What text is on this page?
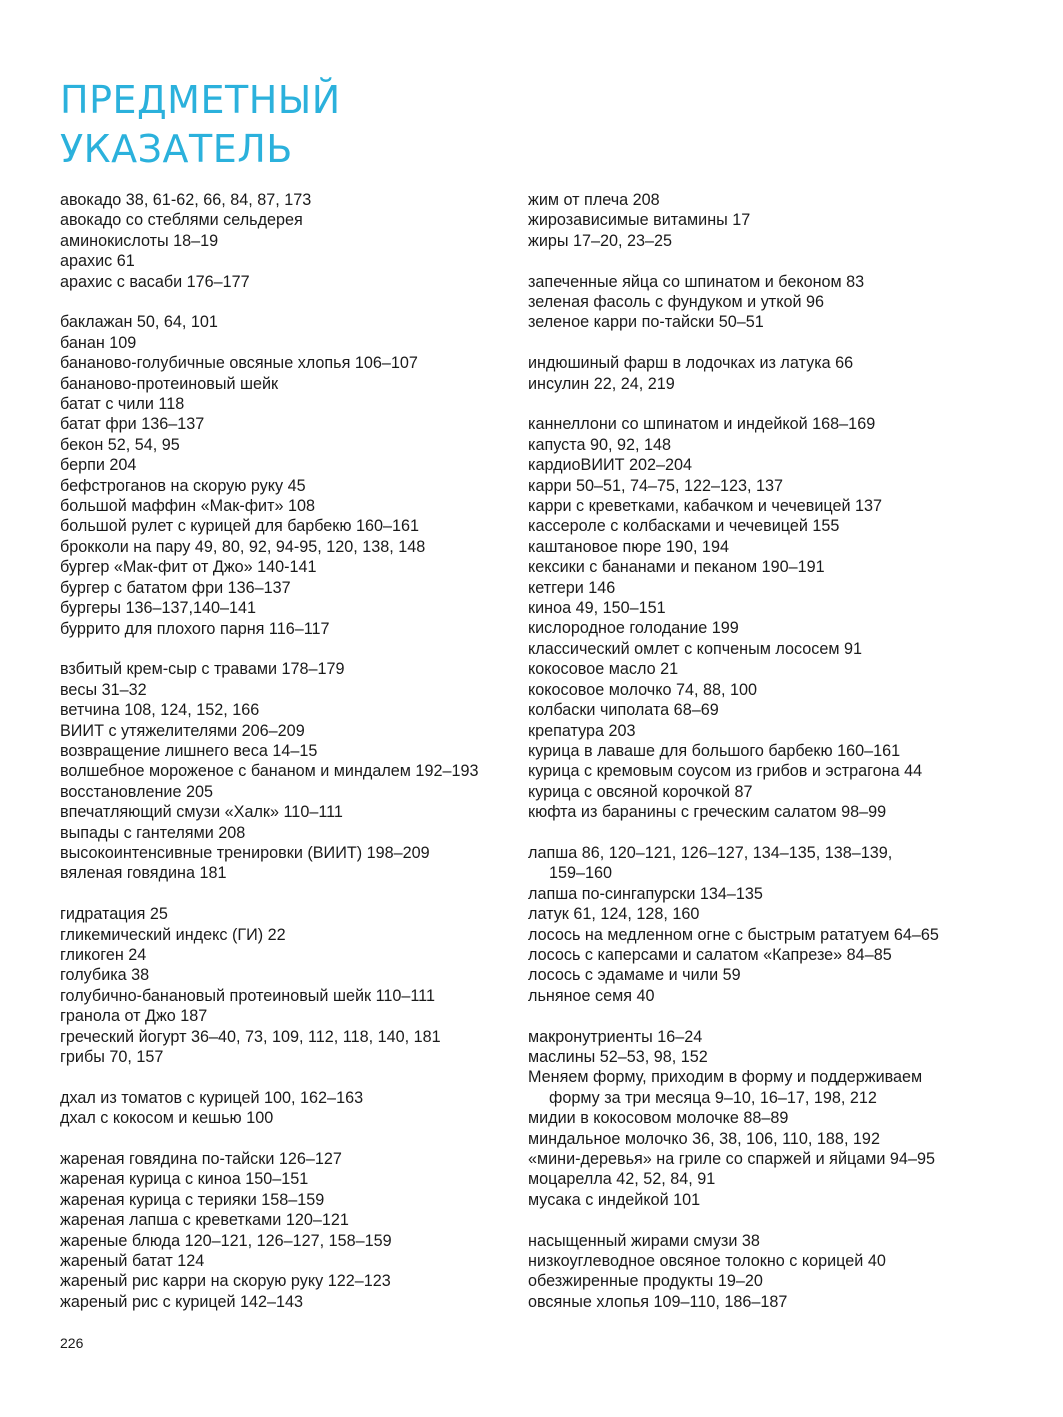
ПРЕДМЕТНЫЙ
УКАЗАТЕЛЬ
авокадо 38, 61-62, 66, 84, 87, 173
авокадо со стеблями сельдерея
аминокислоты 18–19
арахис 61
арахис с васаби 176–177
баклажан 50, 64, 101
банан 109
бананово-голубичные овсяные хлопья 106–107
бананово-протеиновый шейк
батат с чили 118
батат фри 136–137
бекон 52, 54, 95
берпи 204
бефстроганов на скорую руку 45
большой маффин «Мак-фит» 108
большой рулет с курицей для барбекю 160–161
брокколи на пару 49, 80, 92, 94-95, 120, 138, 148
бургер «Мак-фит от Джо» 140-141
бургер с бататом фри 136–137
бургеры 136–137,140–141
буррито для плохого парня 116–117
взбитый крем-сыр с травами 178–179
весы 31–32
ветчина 108, 124, 152, 166
ВИИТ с утяжелителями 206–209
возвращение лишнего веса 14–15
волшебное мороженое с бананом и миндалем 192–193
восстановление 205
впечатляющий смузи «Халк» 110–111
выпады с гантелями 208
высокоинтенсивные тренировки (ВИИТ) 198–209
вяленая говядина 181
гидратация 25
гликемический индекс (ГИ) 22
гликоген 24
голубика 38
голубично-банановый протеиновый шейк 110–111
гранола от Джо 187
греческий йогурт 36–40, 73, 109, 112, 118, 140, 181
грибы 70, 157
дхал из томатов с курицей 100, 162–163
дхал с кокосом и кешью 100
жареная говядина по-тайски 126–127
жареная курица с киноа 150–151
жареная курица с терияки 158–159
жареная лапша с креветками 120–121
жареные блюда 120–121, 126–127, 158–159
жареный батат 124
жареный рис карри на скорую руку 122–123
жареный рис с курицей 142–143
жим от плеча 208
жирозависимые витамины 17
жиры 17–20, 23–25
запеченные яйца со шпинатом и беконом 83
зеленая фасоль с фундуком и уткой 96
зеленое карри по-тайски 50–51
индюшиный фарш в лодочках из латука 66
инсулин 22, 24, 219
каннеллони со шпинатом и индейкой 168–169
капуста 90, 92, 148
кардиоВИИТ 202–204
карри 50–51, 74–75, 122–123, 137
карри с креветками, кабачком и чечевицей 137
кассероле с колбасками и чечевицей 155
каштановое пюре 190, 194
кексики с бананами и пеканом 190–191
кетгери 146
киноа 49, 150–151
кислородное голодание 199
классический омлет с копченым лососем 91
кокосовое масло 21
кокосовое молочко 74, 88, 100
колбаски чиполата 68–69
крепатура 203
курица в лаваше для большого барбекю 160–161
курица с кремовым соусом из грибов и эстрагона 44
курица с овсяной корочкой 87
кюфта из баранины с греческим салатом 98–99
лапша 86, 120–121, 126–127, 134–135, 138–139,
159–160
лапша по-сингапурски 134–135
латук 61, 124, 128, 160
лосось на медленном огне с быстрым рататуем 64–65
лосось с каперсами и салатом «Капрезе» 84–85
лосось с эдамаме и чили 59
льняное семя 40
макронутриенты 16–24
маслины 52–53, 98, 152
Меняем форму, приходим в форму и поддерживаем
форму за три месяца 9–10, 16–17, 198, 212
мидии в кокосовом молочке 88–89
миндальное молочко 36, 38, 106, 110, 188, 192
«мини-деревья» на гриле со спаржей и яйцами 94–95
моцарелла 42, 52, 84, 91
мусака с индейкой 101
насыщенный жирами смузи 38
низкоуглеводное овсяное толокно с корицей 40
обезжиренные продукты 19–20
овсяные хлопья 109–110, 186–187
226
